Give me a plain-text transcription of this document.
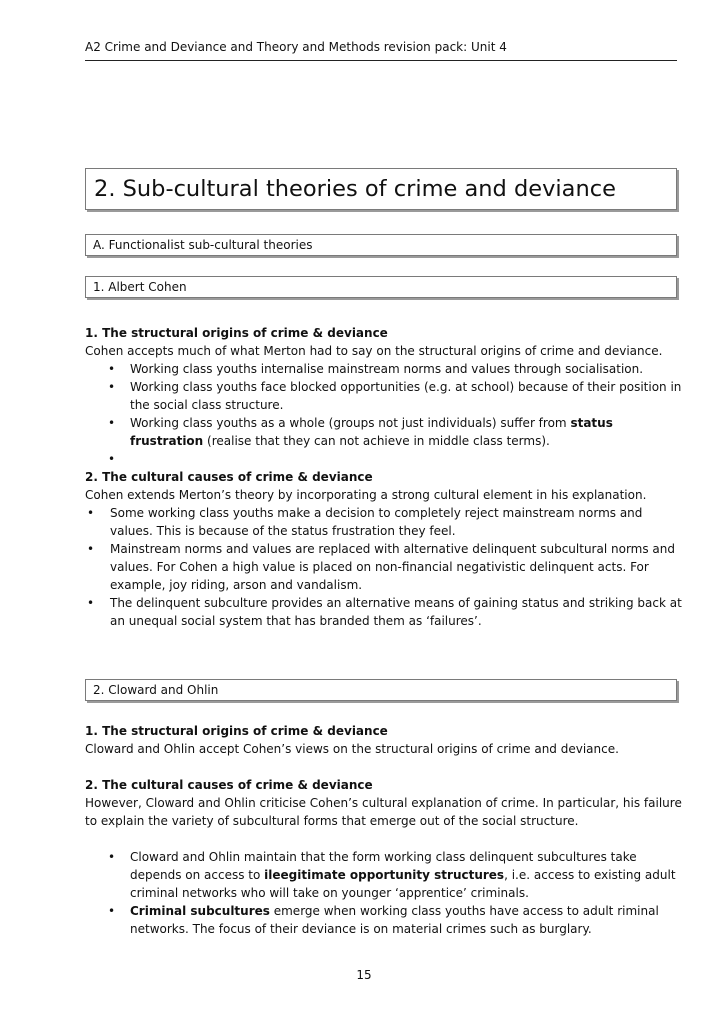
A2 Crime and Deviance and Theory and Methods revision pack: Unit 4
2. Sub-cultural theories of crime and deviance
A. Functionalist sub-cultural theories
1. Albert Cohen

1. The structural origins of crime & deviance

Cohen accepts much of what Merton had to say on the structural origins of crime and deviance.

• Working class youths internalise mainstream norms and values through socialisation.
• Working class youths face blocked opportunities (e.g. at school) because of their position in the social class structure.
• Working class youths as a whole (groups not just individuals) suffer from status frustration (realise that they can not achieve in middle class terms).
•

2. The cultural causes of crime & deviance

Cohen extends Merton’s theory by incorporating a strong cultural element in his explanation.

• Some working class youths make a decision to completely reject mainstream norms and values. This is because of the status frustration they feel.
• Mainstream norms and values are replaced with alternative delinquent subcultural norms and values. For Cohen a high value is placed on non-financial negativistic delinquent acts. For example, joy riding, arson and vandalism.
• The delinquent subculture provides an alternative means of gaining status and striking back at an unequal social system that has branded them as ‘failures’.
2. Cloward and Ohlin

1. The structural origins of crime & deviance

Cloward and Ohlin accept Cohen’s views on the structural origins of crime and deviance.

2. The cultural causes of crime & deviance

However, Cloward and Ohlin criticise Cohen’s cultural explanation of crime. In particular, his failure to explain the variety of subcultural forms that emerge out of the social structure.

• Cloward and Ohlin maintain that the form working class delinquent subcultures take depends on access to ileegitimate opportunity structures, i.e. access to existing adult criminal networks who will take on younger ‘apprentice’ criminals.
• Criminal subcultures emerge when working class youths have access to adult riminal networks. The focus of their deviance is on material crimes such as burglary.
15
